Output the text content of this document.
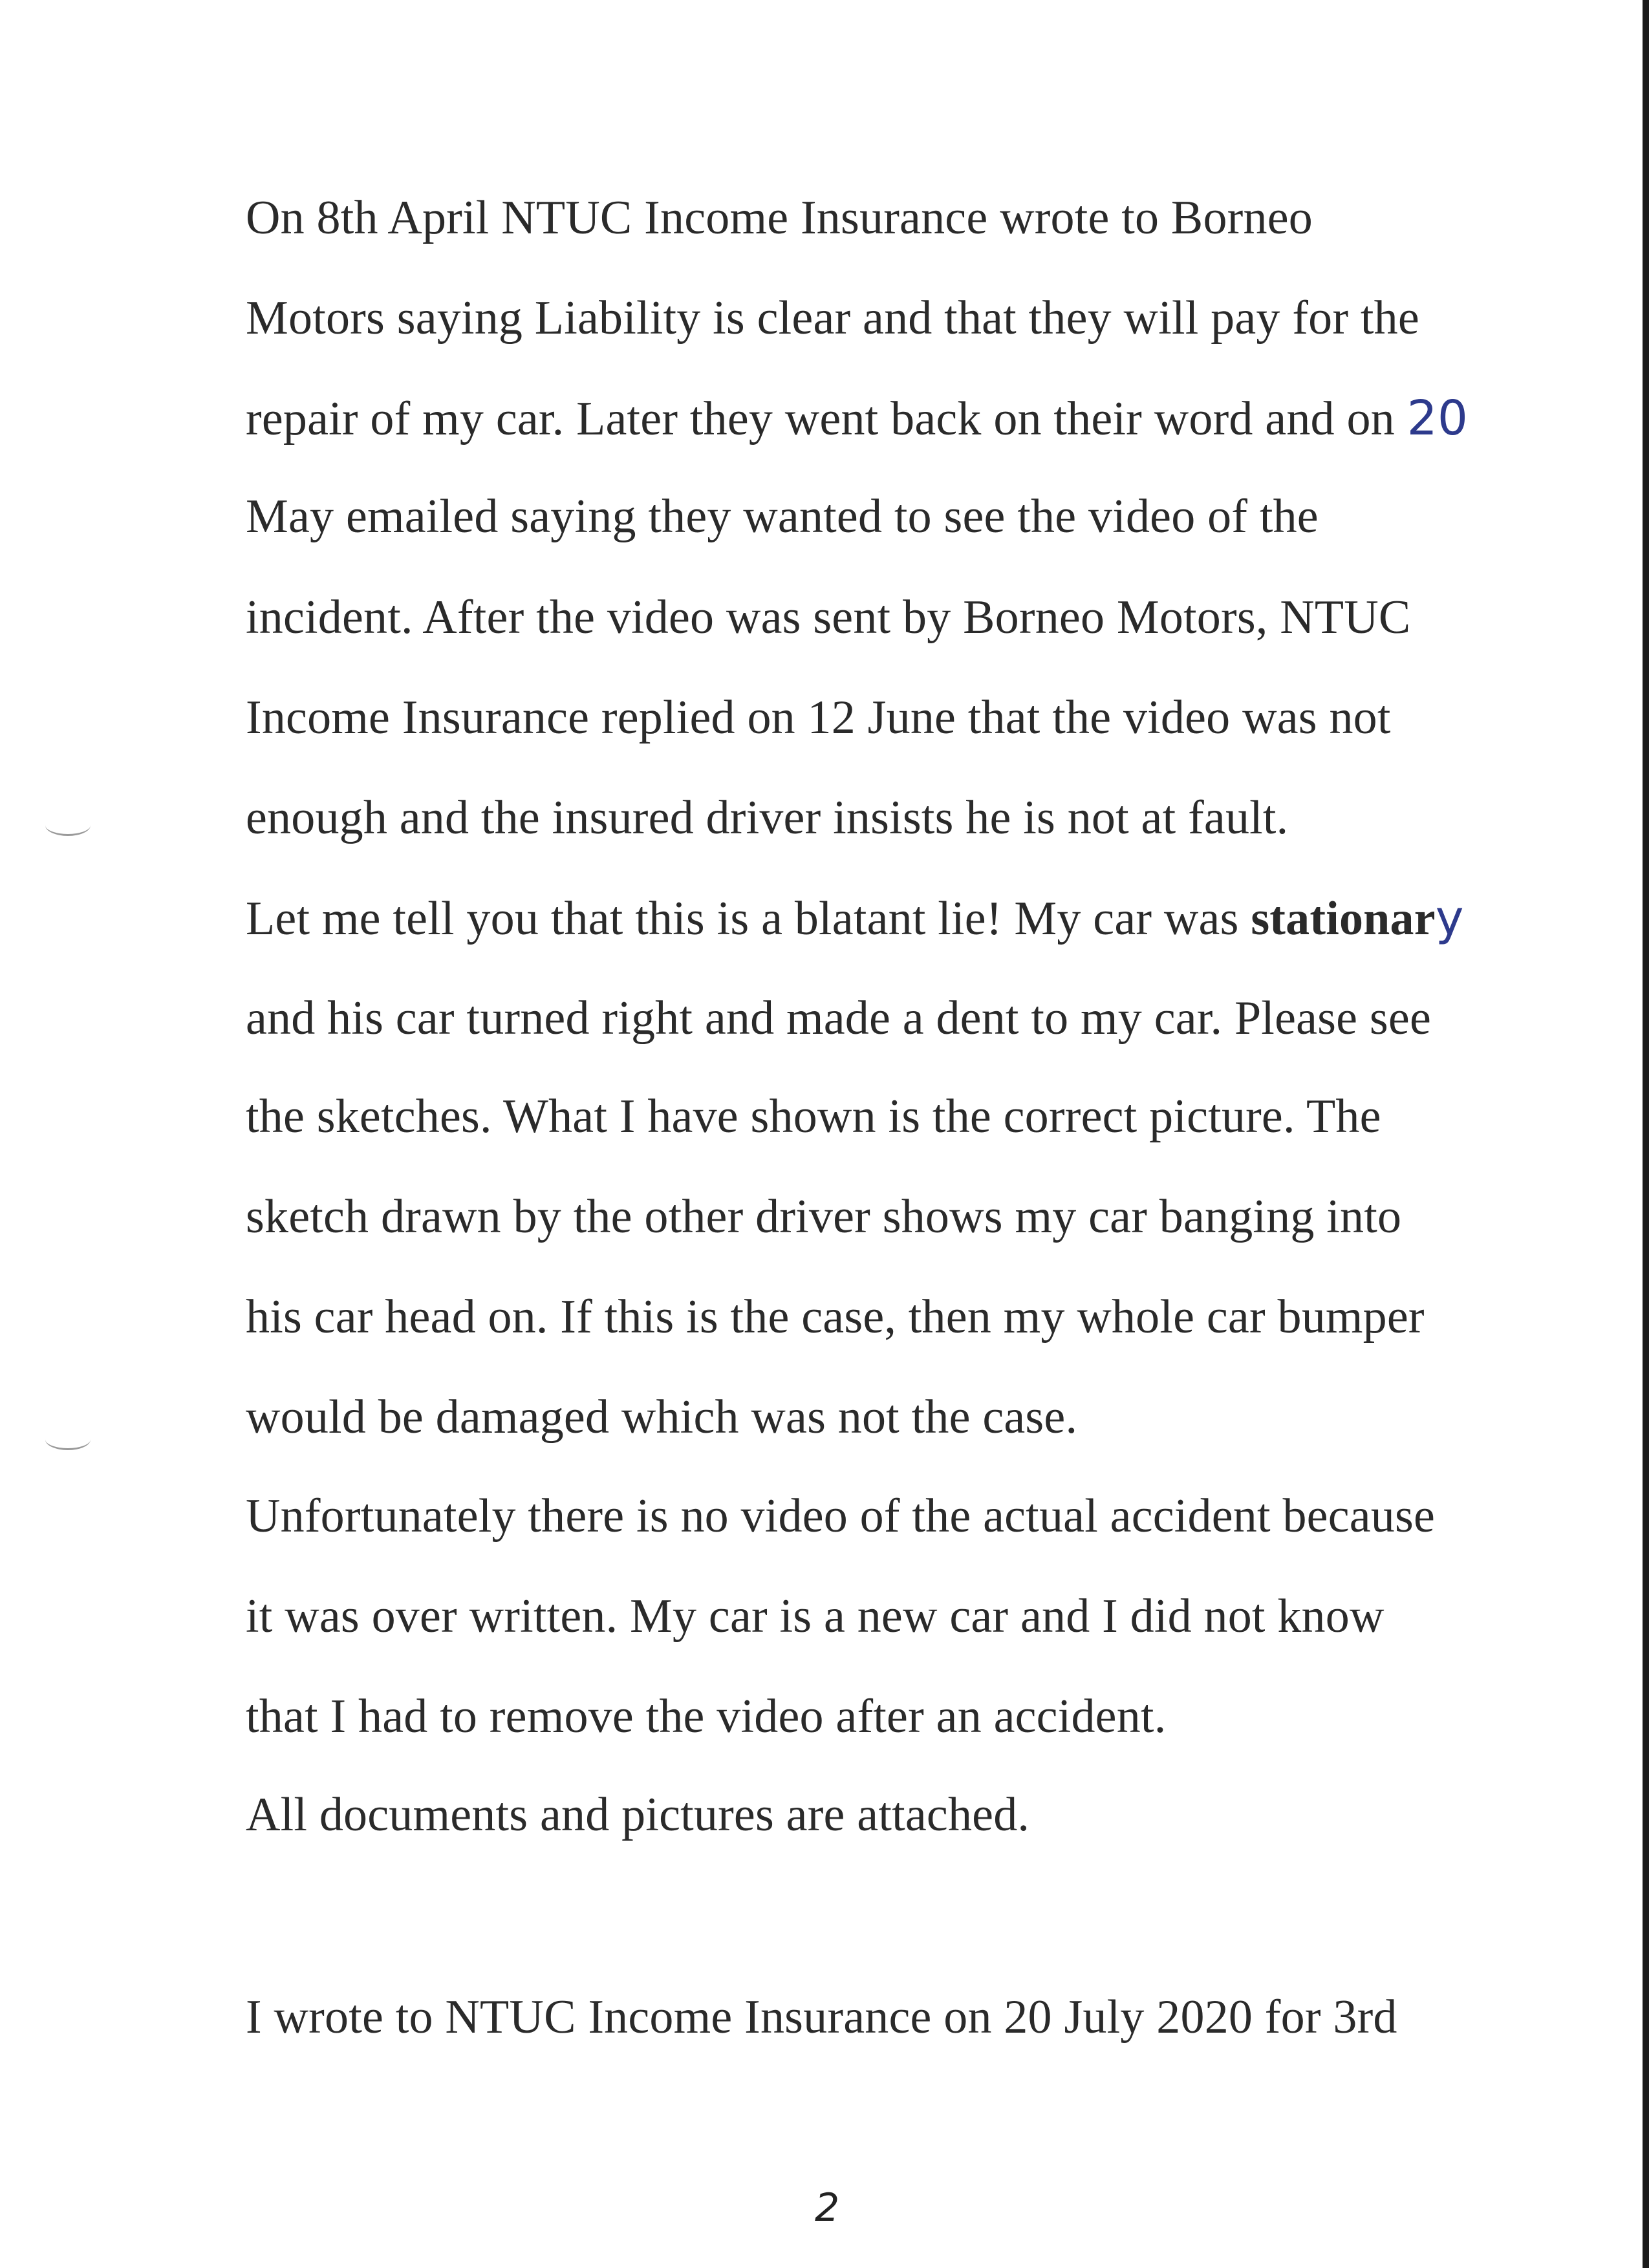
On 8th April NTUC Income Insurance wrote to Borneo
Motors saying Liability is clear and that they will pay for the
repair of my car. Later they went back on their word and on 20
May emailed saying they wanted to see the video of the
incident. After the video was sent by Borneo Motors, NTUC
Income Insurance replied on 12 June that the video was not
enough and the insured driver insists he is not at fault.
Let me tell you that this is a blatant lie! My car was stationary
and his car turned right and made a dent to my car. Please see
the sketches. What I have shown is the correct picture. The
sketch drawn by the other driver shows my car banging into
his car head on. If this is the case, then my whole car bumper
would be damaged which was not the case.
Unfortunately there is no video of the actual accident because
it was over written. My car is a new car and I did not know
that I had to remove the video after an accident.
All documents and pictures are attached.
I wrote to NTUC Income Insurance on 20 July 2020 for 3rd
2
